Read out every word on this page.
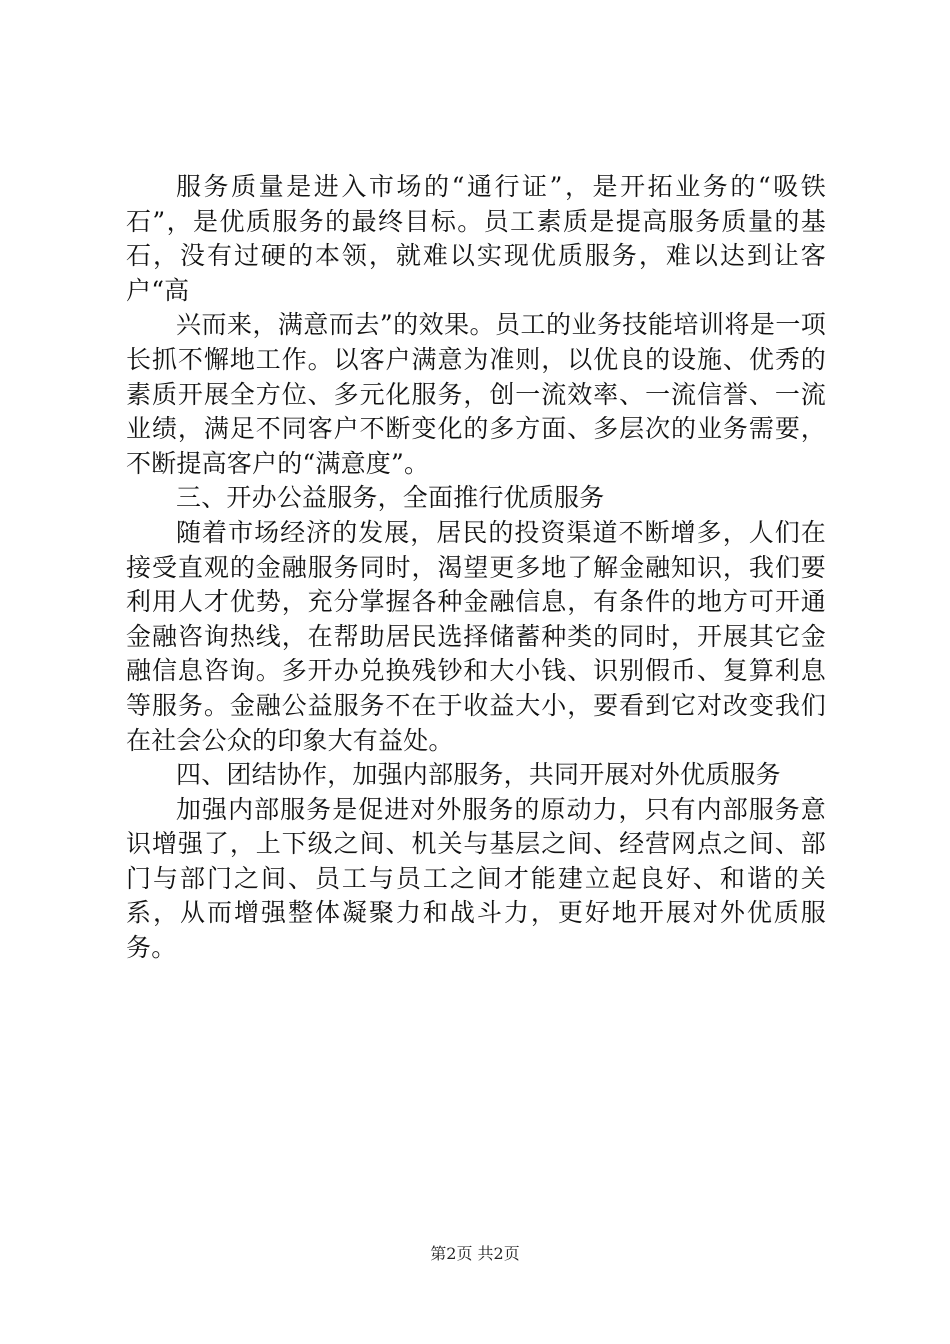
服务质量是进入市场的“通行证”，是开拓业务的“吸铁石”，是优质服务的最终目标。员工素质是提高服务质量的基石，没有过硬的本领，就难以实现优质服务，难以达到让客户“高

兴而来，满意而去”的效果。员工的业务技能培训将是一项长抓不懈地工作。以客户满意为准则，以优良的设施、优秀的素质开展全方位、多元化服务，创一流效率、一流信誉、一流业绩，满足不同客户不断变化的多方面、多层次的业务需要，不断提高客户的“满意度”。

三、开办公益服务，全面推行优质服务

随着市场经济的发展，居民的投资渠道不断增多，人们在接受直观的金融服务同时，渴望更多地了解金融知识，我们要利用人才优势，充分掌握各种金融信息，有条件的地方可开通金融咨询热线，在帮助居民选择储蓄种类的同时，开展其它金融信息咨询。多开办兑换残钞和大小钱、识别假币、复算利息等服务。金融公益服务不在于收益大小，要看到它对改变我们在社会公众的印象大有益处。

四、团结协作，加强内部服务，共同开展对外优质服务

加强内部服务是促进对外服务的原动力，只有内部服务意识增强了，上下级之间、机关与基层之间、经营网点之间、部门与部门之间、员工与员工之间才能建立起良好、和谐的关系，从而增强整体凝聚力和战斗力，更好地开展对外优质服务。

第2页 共2页
